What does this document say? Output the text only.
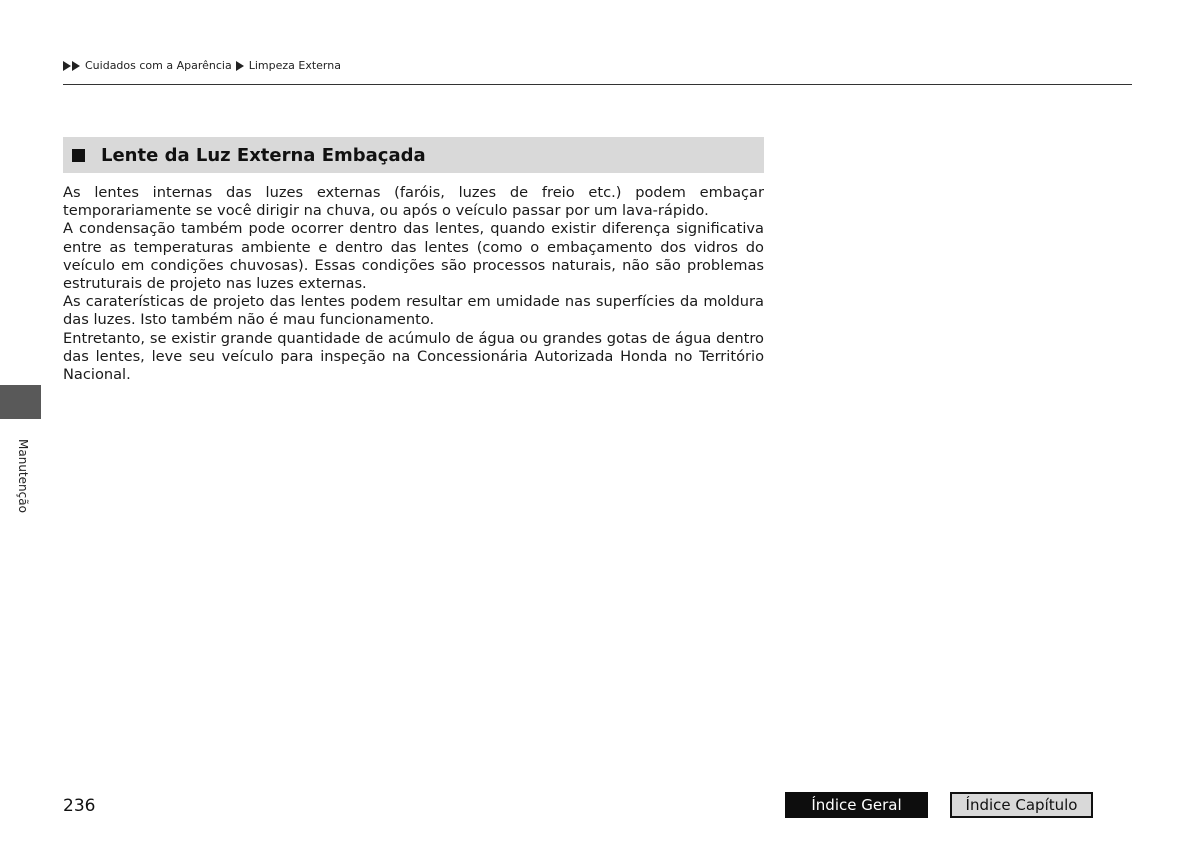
Cuidados com a Aparência Limpeza Externa
Lente da Luz Externa Embaçada

As lentes internas das luzes externas (faróis, luzes de freio etc.) podem embaçar temporariamente se você dirigir na chuva, ou após o veículo passar por um lava-rápido.

A condensação também pode ocorrer dentro das lentes, quando existir diferença significativa entre as temperaturas ambiente e dentro das lentes (como o embaçamento dos vidros do veículo em condições chuvosas). Essas condições são processos naturais, não são problemas estruturais de projeto nas luzes externas.

As caraterísticas de projeto das lentes podem resultar em umidade nas superfícies da moldura das luzes. Isto também não é mau funcionamento.

Entretanto, se existir grande quantidade de acúmulo de água ou grandes gotas de água dentro das lentes, leve seu veículo para inspeção na Concessionária Autorizada Honda no Território Nacional.

Manutenção
236	Índice Geral	Índice Capítulo
